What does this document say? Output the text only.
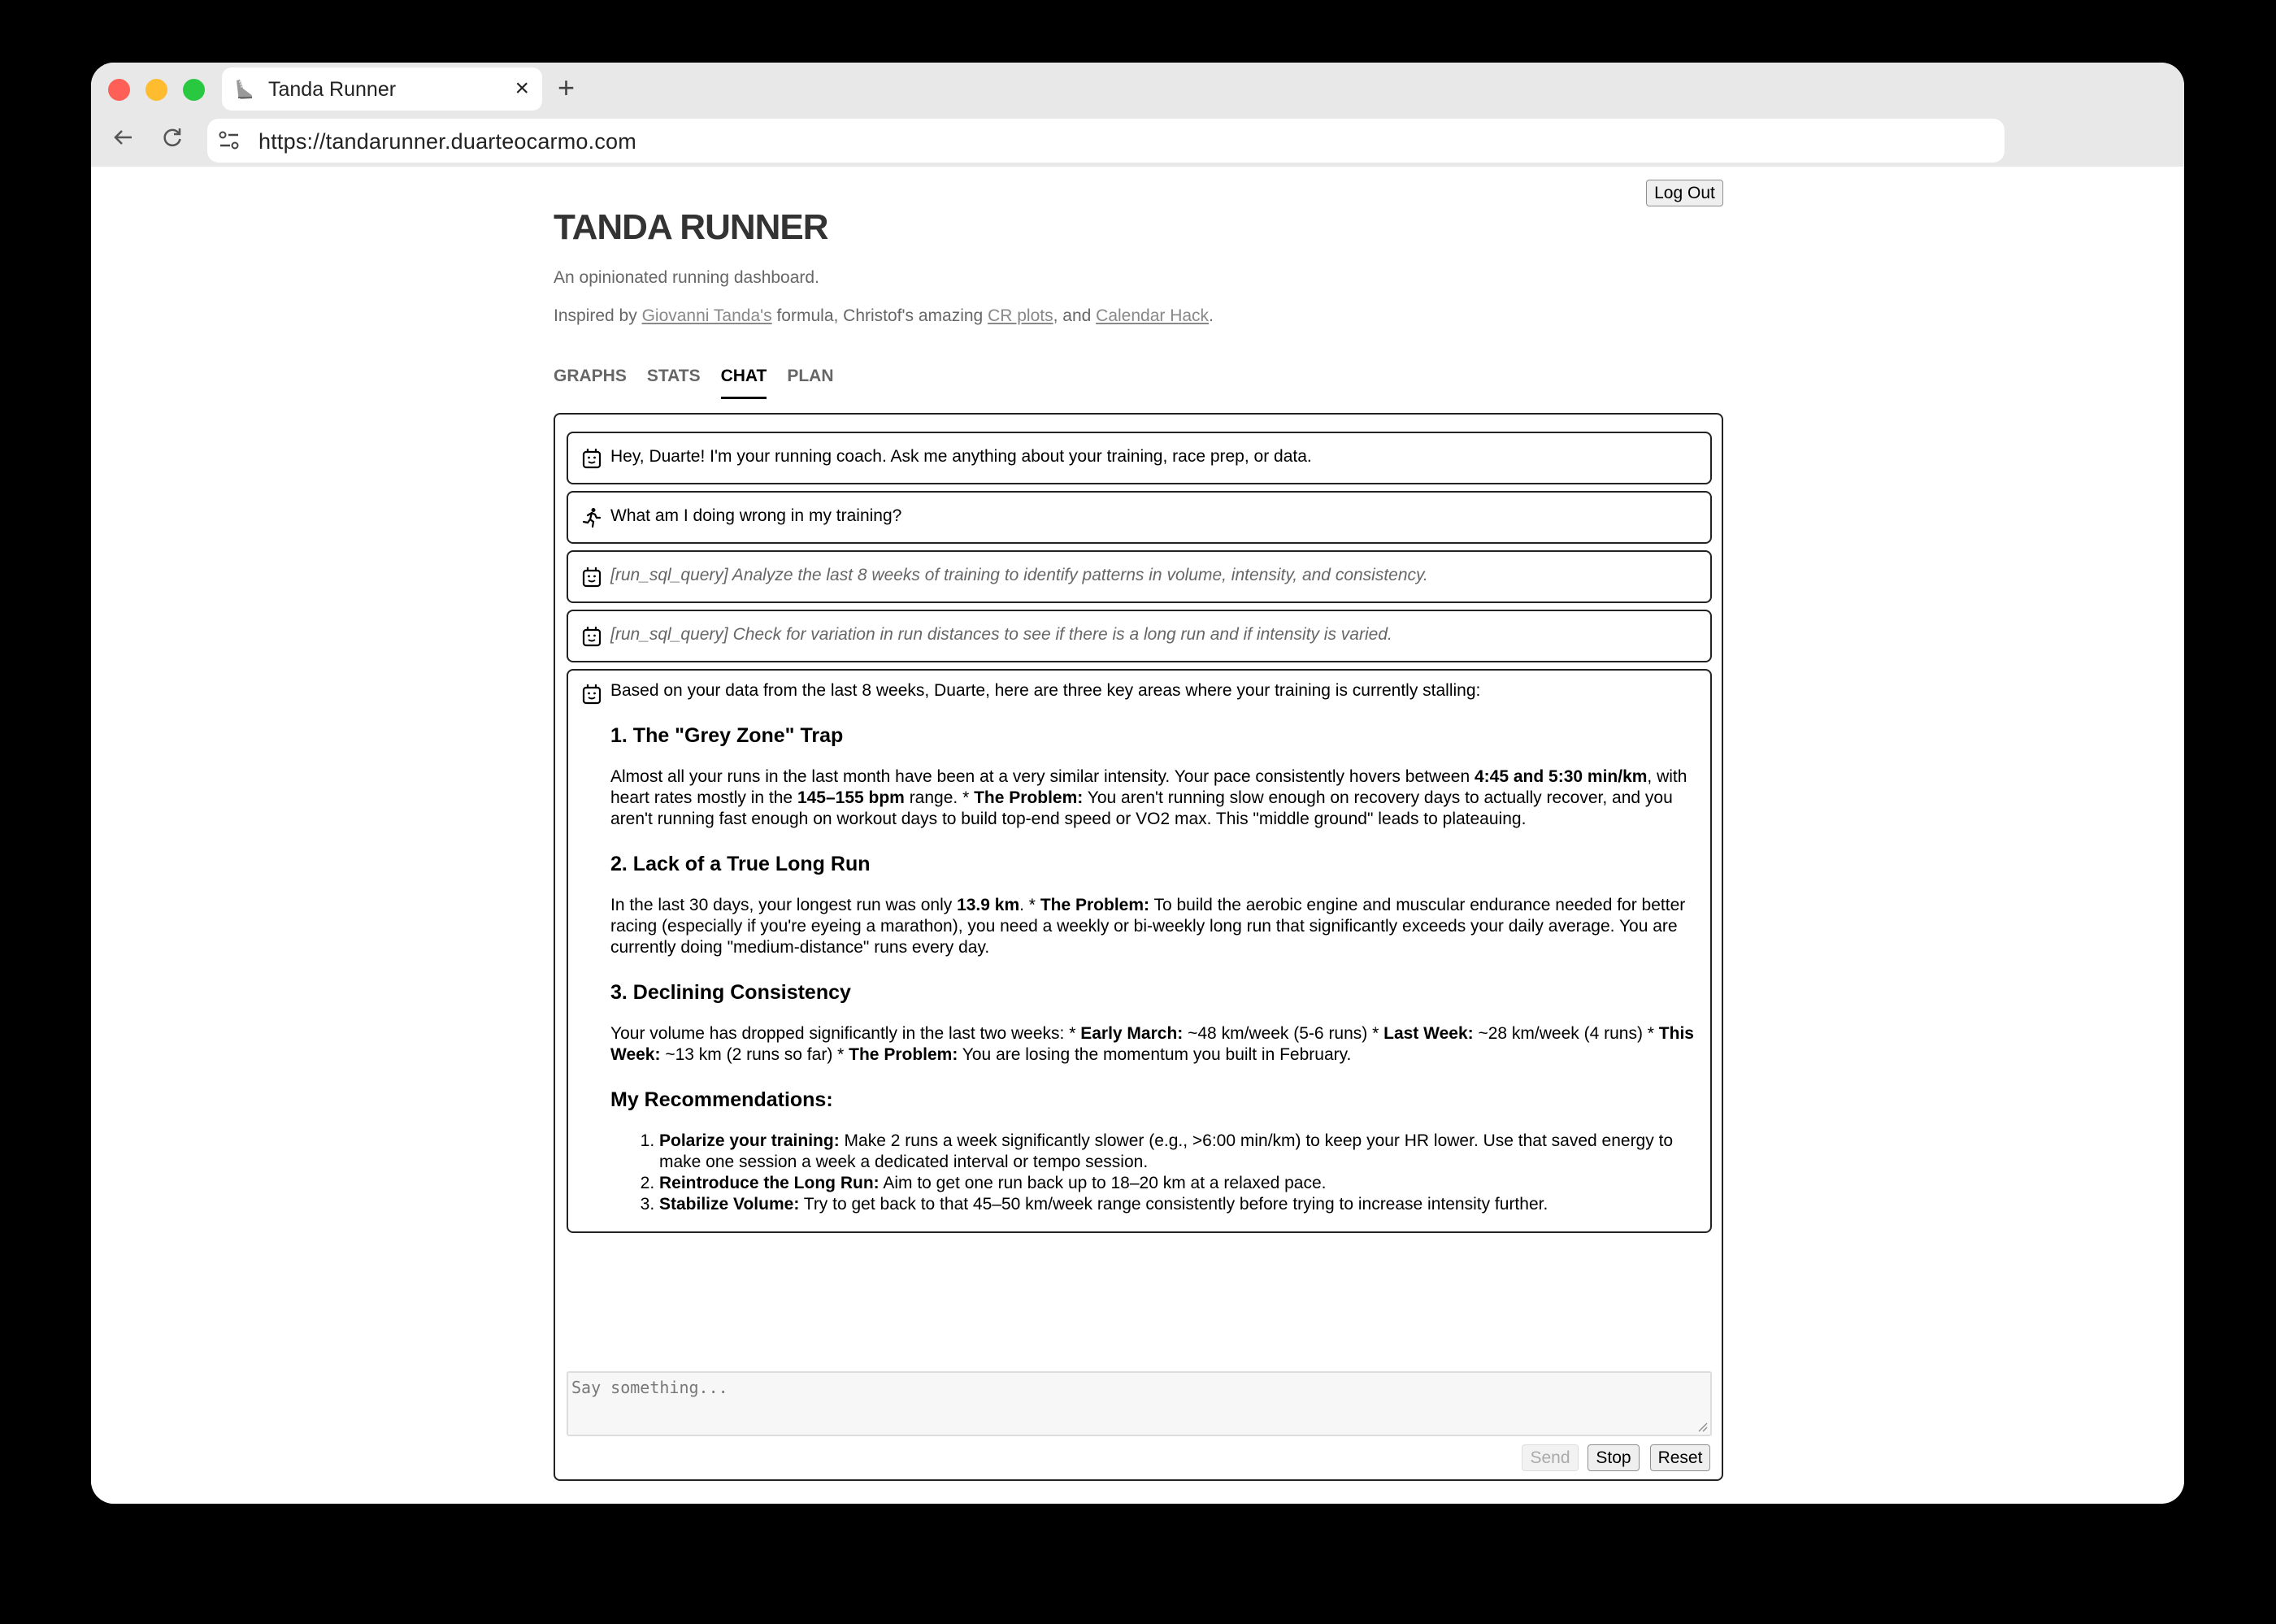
Tanda Runner	× +
https://tandarunner.duarteocarmo.com
Log Out
TANDA RUNNER

An opinionated running dashboard.

Inspired by Giovanni Tanda's formula, Christof's amazing CR plots, and Calendar Hack.

GRAPHS STATS CHAT PLAN
Hey, Duarte! I'm your running coach. Ask me anything about your training, race prep, or data.
What am I doing wrong in my training?
[run_sql_query] Analyze the last 8 weeks of training to identify patterns in volume, intensity, and consistency.
[run_sql_query] Check for variation in run distances to see if there is a long run and if intensity is varied.

Based on your data from the last 8 weeks, Duarte, here are three key areas where your training is currently stalling:

1. The "Grey Zone" Trap

Almost all your runs in the last month have been at a very similar intensity. Your pace consistently hovers between 4:45 and 5:30 min/km, with heart rates mostly in the 145–155 bpm range. * The Problem: You aren't running slow enough on recovery days to actually recover, and you aren't running fast enough on workout days to build top-end speed or VO2 max. This "middle ground" leads to plateauing.

2. Lack of a True Long Run

In the last 30 days, your longest run was only 13.9 km. * The Problem: To build the aerobic engine and muscular endurance needed for better racing (especially if you're eyeing a marathon), you need a weekly or bi-weekly long run that significantly exceeds your daily average. You are currently doing "medium-distance" runs every day.

3. Declining Consistency

Your volume has dropped significantly in the last two weeks: * Early March: ~48 km/week (5-6 runs) * Last Week: ~28 km/week (4 runs) * This Week: ~13 km (2 runs so far) * The Problem: You are losing the momentum you built in February.

My Recommendations:
1. Polarize your training: Make 2 runs a week significantly slower (e.g., >6:00 min/km) to keep your HR lower. Use that saved energy to make one session a week a dedicated interval or tempo session.
2. Reintroduce the Long Run: Aim to get one run back up to 18–20 km at a relaxed pace.
3. Stabilize Volume: Try to get back to that 45–50 km/week range consistently before trying to increase intensity further.
Say something...
Send	Stop	Reset
